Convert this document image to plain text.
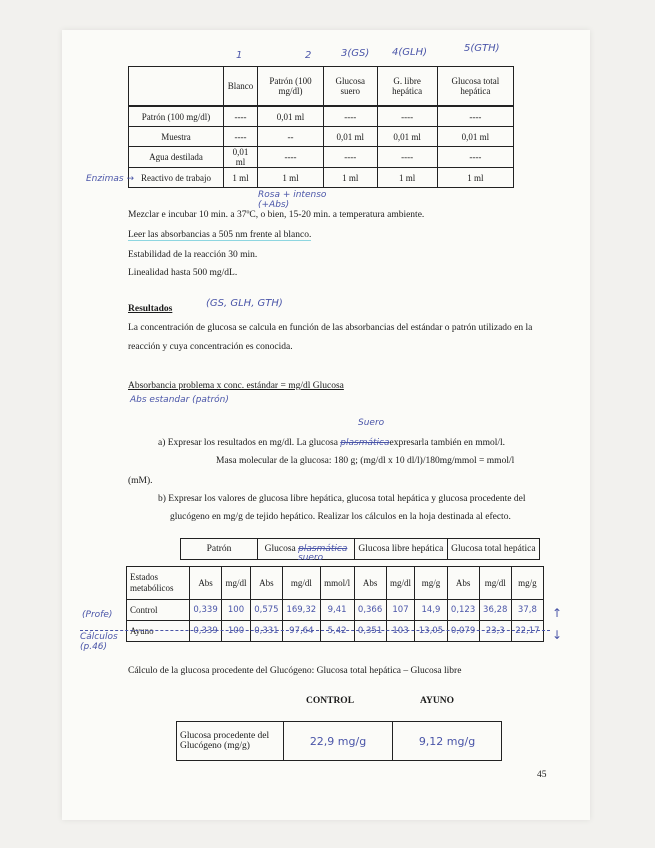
1	2	3(GS) 4(GLH)	5(GTH)
	Blanco	Patrón (100 mg/dl)	Glucosa suero	G. libre hepática	Glucosa total hepática
Patrón (100 mg/dl)	----	0,01 ml	----	----	----
Muestra	----	--	0,01 ml	0,01 ml	0,01 ml
Agua destilada	0,01 ml	----	----	----	----
Reactivo de trabajo	1 ml	1 ml	1 ml	1 ml	1 ml
Enzimas →
Rosa + intenso (+Abs)
Mezclar e incubar 10 min. a 37ºC, o bien, 15-20 min. a temperatura ambiente.
Leer las absorbancias a 505 nm frente al blanco.
Estabilidad de la reacción 30 min.
Linealidad hasta 500 mg/dL.
Resultados	(GS, GLH, GTH)
La concentración de glucosa se calcula en función de las absorbancias del estándar o patrón utilizado en la
reacción y cuya concentración es conocida.
Absorbancia problema x conc. estándar = mg/dl Glucosa
Abs estandar (patrón)
Suero
a) Expresar los resultados en mg/dl. La glucosa plasmáticaexpresarla también en mmol/l.
Masa molecular de la glucosa: 180 g; (mg/dl x 10 dl/l)/180mg/mmol = mmol/l
(mM).
b) Expresar los valores de glucosa libre hepática, glucosa total hepática y glucosa procedente del
glucógeno en mg/g de tejido hepático. Realizar los cálculos en la hoja destinada al efecto.
Patrón	Glucosa plasmática
suero
	Glucosa libre hepática	Glucosa total hepática
Estados
metabólicos	Abs	mg/dl	Abs	mg/dl	mmol/l	Abs	mg/dl	mg/g	Abs	mg/dl	mg/g
Control	0,339	100	0,575	169,32	9,41	0,366	107	14,9	0,123	36,28	37,8
Ayuno	0,339	100	0,331	97,64	5,42	0,351	103	13,05	0,079	23,3	22,17
(Profe)
Cálculos (p.46)
↑
↓
Cálculo de la glucosa procedente del Glucógeno: Glucosa total hepática – Glucosa libre
CONTROL	AYUNO
Glucosa procedente del Glucógeno (mg/g)	22,9 mg/g	9,12 mg/g
45
